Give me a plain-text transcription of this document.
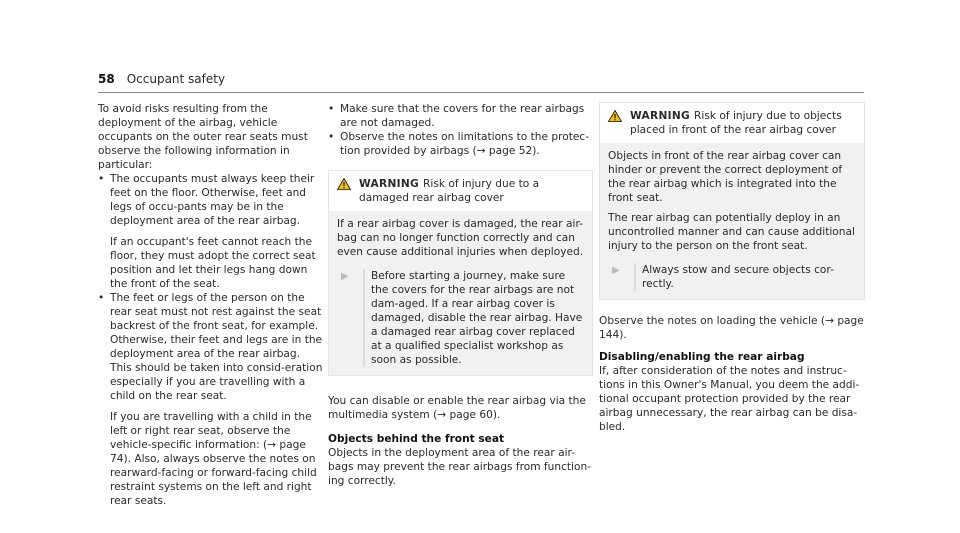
58 Occupant safety

To avoid risks resulting from the deployment of the airbag, vehicle occupants on the outer rear seats must observe the following information in particular:

• The occupants must always keep their feet on the floor. Otherwise, feet and legs of occu-pants may be in the deployment area of the rear airbag.

If an occupant's feet cannot reach the floor, they must adopt the correct seat position and let their legs hang down the front of the seat.

• The feet or legs of the person on the rear seat must not rest against the seat backrest of the front seat, for example. Otherwise, their feet and legs are in the deployment area of the rear airbag. This should be taken into consid-eration especially if you are travelling with a child on the rear seat.

If you are travelling with a child in the left or right rear seat, observe the vehicle-specific information: (→ page 74). Also, always observe the notes on rearward-facing or forward-facing child restraint systems on the left and right rear seats.

• Make sure that the covers for the rear airbags are not damaged.
• Observe the notes on limitations to the protec-tion provided by airbags (→ page 52).
WARNING Risk of injury due to a damaged rear airbag cover

If a rear airbag cover is damaged, the rear air-bag can no longer function correctly and can even cause additional injuries when deployed.

▶	Before starting a journey, make sure the covers for the rear airbags are not dam-aged. If a rear airbag cover is damaged, disable the rear airbag. Have a damaged rear airbag cover replaced at a qualified specialist workshop as soon as possible.

You can disable or enable the rear airbag via the multimedia system (→ page 60).

Objects behind the front seat

Objects in the deployment area of the rear air-bags may prevent the rear airbags from function-ing correctly.

WARNING Risk of injury due to objects placed in front of the rear airbag cover

Objects in front of the rear airbag cover can hinder or prevent the correct deployment of the rear airbag which is integrated into the front seat.

The rear airbag can potentially deploy in an uncontrolled manner and can cause additional injury to the person on the front seat.

▶	Always stow and secure objects cor-rectly.

Observe the notes on loading the vehicle (→ page 144).

Disabling/enabling the rear airbag

If, after consideration of the notes and instruc-tions in this Owner's Manual, you deem the addi-tional occupant protection provided by the rear airbag unnecessary, the rear airbag can be disa-bled.
